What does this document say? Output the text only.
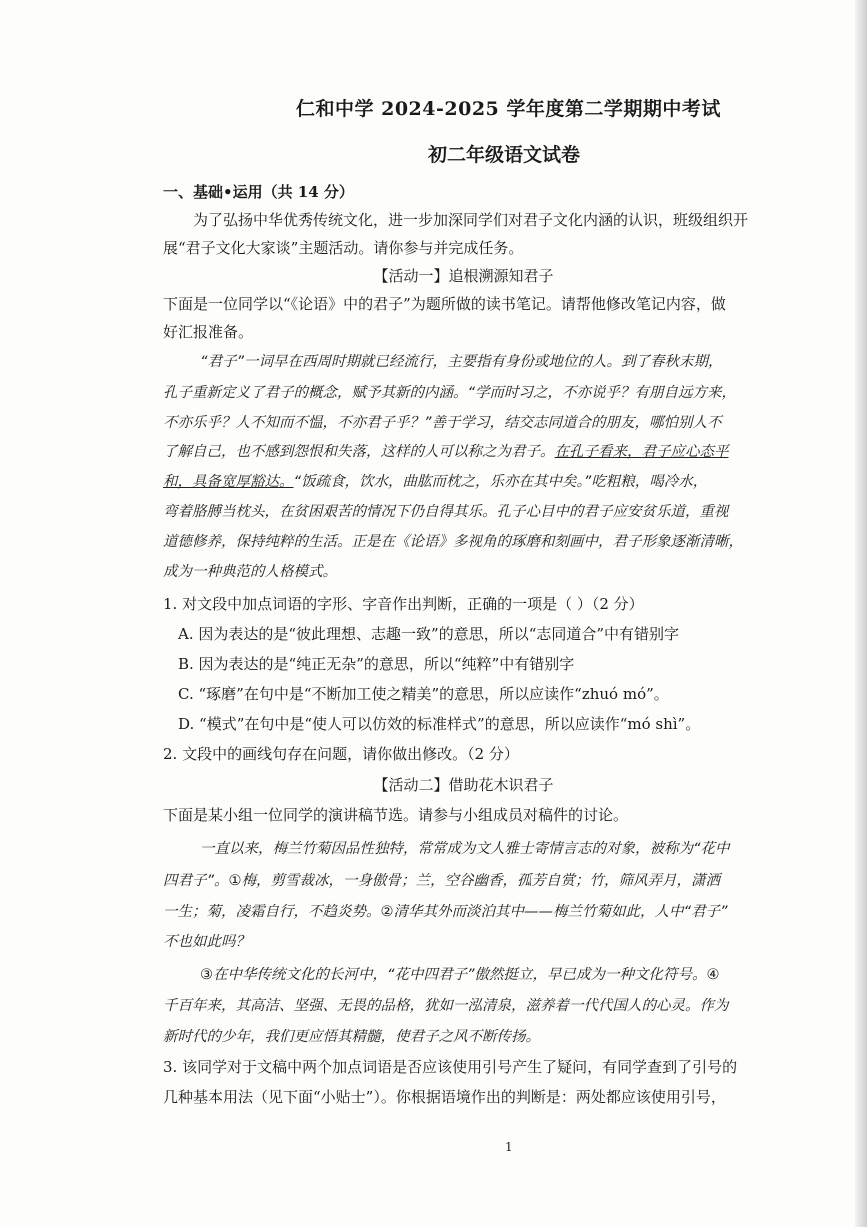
仁和中学 2024-2025 学年度第二学期期中考试
初二年级语文试卷
一、基础•运用（共 14 分）
为了弘扬中华优秀传统文化，进一步加深同学们对君子文化内涵的认识，班级组织开
展“君子文化大家谈”主题活动。请你参与并完成任务。
【活动一】追根溯源知君子
下面是一位同学以“《论语》中的君子”为题所做的读书笔记。请帮他修改笔记内容，做
好汇报准备。
“君子”一词早在西周时期就已经流行，主要指有身份或地位的人。到了春秋末期，
孔子重新定义了君子的概念，赋予其新的内涵。“学而时习之，不亦说乎？有朋自远方来，
不亦乐乎？人不知而不愠，不亦君子乎？”善于学习，结交志同道合的朋友，哪怕别人不
了解自己，也不感到怨恨和失落，这样的人可以称之为君子。在孔子看来，君子应心态平
和，具备宽厚豁达。“饭疏食，饮水，曲肱而枕之，乐亦在其中矣。”吃粗粮，喝冷水，
弯着胳膊当枕头，在贫困艰苦的情况下仍自得其乐。孔子心目中的君子应安贫乐道，重视
道德修养，保持纯粹的生活。正是在《论语》多视角的琢磨和刻画中，君子形象逐渐清晰，
成为一种典范的人格模式。
1. 对文段中加点词语的字形、字音作出判断，正确的一项是（ ）（2 分）
A. 因为表达的是“彼此理想、志趣一致”的意思，所以“志同道合”中有错别字
B. 因为表达的是“纯正无杂”的意思，所以“纯粹”中有错别字
C. “琢磨”在句中是“不断加工使之精美”的意思，所以应读作“zhuó mó”。
D. “模式”在句中是“使人可以仿效的标准样式”的意思，所以应读作“mó shì”。
2. 文段中的画线句存在问题，请你做出修改。（2 分）
【活动二】借助花木识君子
下面是某小组一位同学的演讲稿节选。请参与小组成员对稿件的讨论。
一直以来，梅兰竹菊因品性独特，常常成为文人雅士寄情言志的对象，被称为“花中
四君子”。①梅，剪雪裁冰，一身傲骨；兰，空谷幽香，孤芳自赏；竹，筛风弄月，潇洒
一生；菊，凌霜自行，不趋炎势。②清华其外而淡泊其中——梅兰竹菊如此，人中“君子”
不也如此吗？
③在中华传统文化的长河中，“花中四君子”傲然挺立，早已成为一种文化符号。④
千百年来，其高洁、坚强、无畏的品格，犹如一泓清泉，滋养着一代代国人的心灵。作为
新时代的少年，我们更应悟其精髓，使君子之风不断传扬。
3. 该同学对于文稿中两个加点词语是否应该使用引号产生了疑问，有同学查到了引号的
几种基本用法（见下面“小贴士”）。你根据语境作出的判断是：两处都应该使用引号，
1
